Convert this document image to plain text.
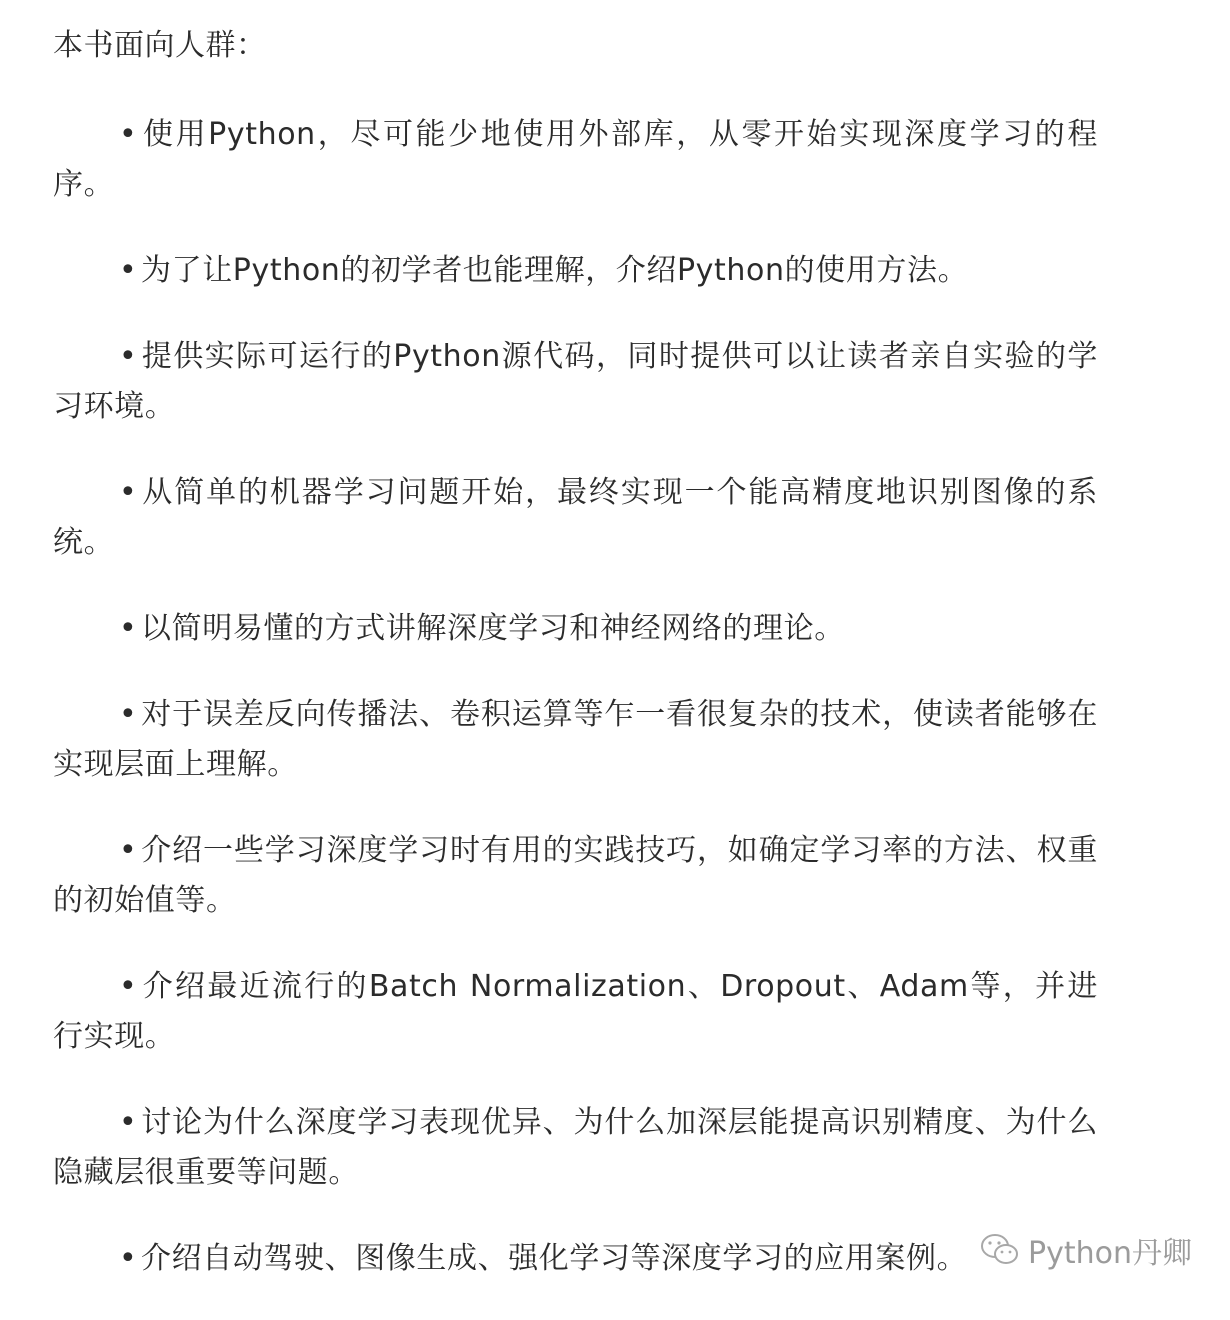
本书面向人群：

• 使用Python，尽可能少地使用外部库，从零开始实现深度学习的程序。

• 为了让Python的初学者也能理解，介绍Python的使用方法。

• 提供实际可运行的Python源代码，同时提供可以让读者亲自实验的学习环境。

• 从简单的机器学习问题开始，最终实现一个能高精度地识别图像的系统。

• 以简明易懂的方式讲解深度学习和神经网络的理论。

• 对于误差反向传播法、卷积运算等乍一看很复杂的技术，使读者能够在实现层面上理解。

• 介绍一些学习深度学习时有用的实践技巧，如确定学习率的方法、权重的初始值等。

• 介绍最近流行的Batch Normalization、Dropout、Adam等，并进行实现。

• 讨论为什么深度学习表现优异、为什么加深层能提高识别精度、为什么隐藏层很重要等问题。

• 介绍自动驾驶、图像生成、强化学习等深度学习的应用案例。	Python丹卿
